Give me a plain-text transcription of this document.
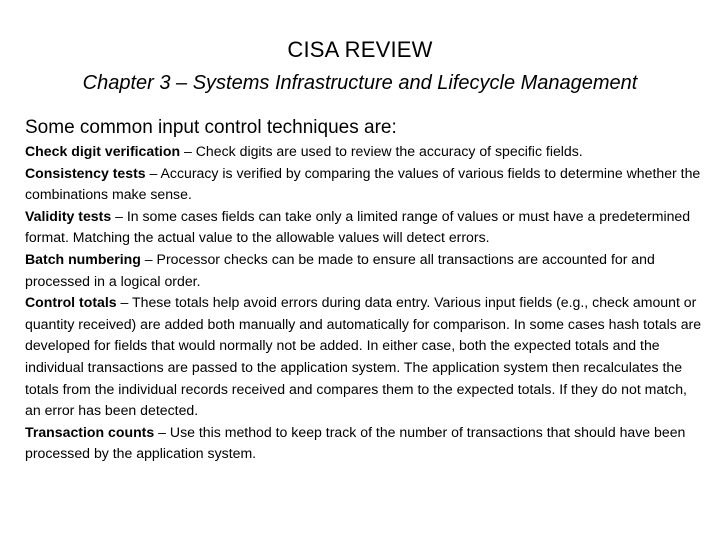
CISA REVIEW
Chapter 3 – Systems Infrastructure and Lifecycle Management
Some common input control techniques are:

Check digit verification – Check digits are used to review the accuracy of specific fields.

Consistency tests – Accuracy is verified by comparing the values of various fields to determine whether the combinations make sense.

Validity tests – In some cases fields can take only a limited range of values or must have a predetermined format. Matching the actual value to the allowable values will detect errors.

Batch numbering – Processor checks can be made to ensure all transactions are accounted for and processed in a logical order.

Control totals – These totals help avoid errors during data entry. Various input fields (e.g., check amount or quantity received) are added both manually and automatically for comparison. In some cases hash totals are developed for fields that would normally not be added. In either case, both the expected totals and the individual transactions are passed to the application system. The application system then recalculates the totals from the individual records received and compares them to the expected totals. If they do not match, an error has been detected.

Transaction counts – Use this method to keep track of the number of transactions that should have been processed by the application system.
